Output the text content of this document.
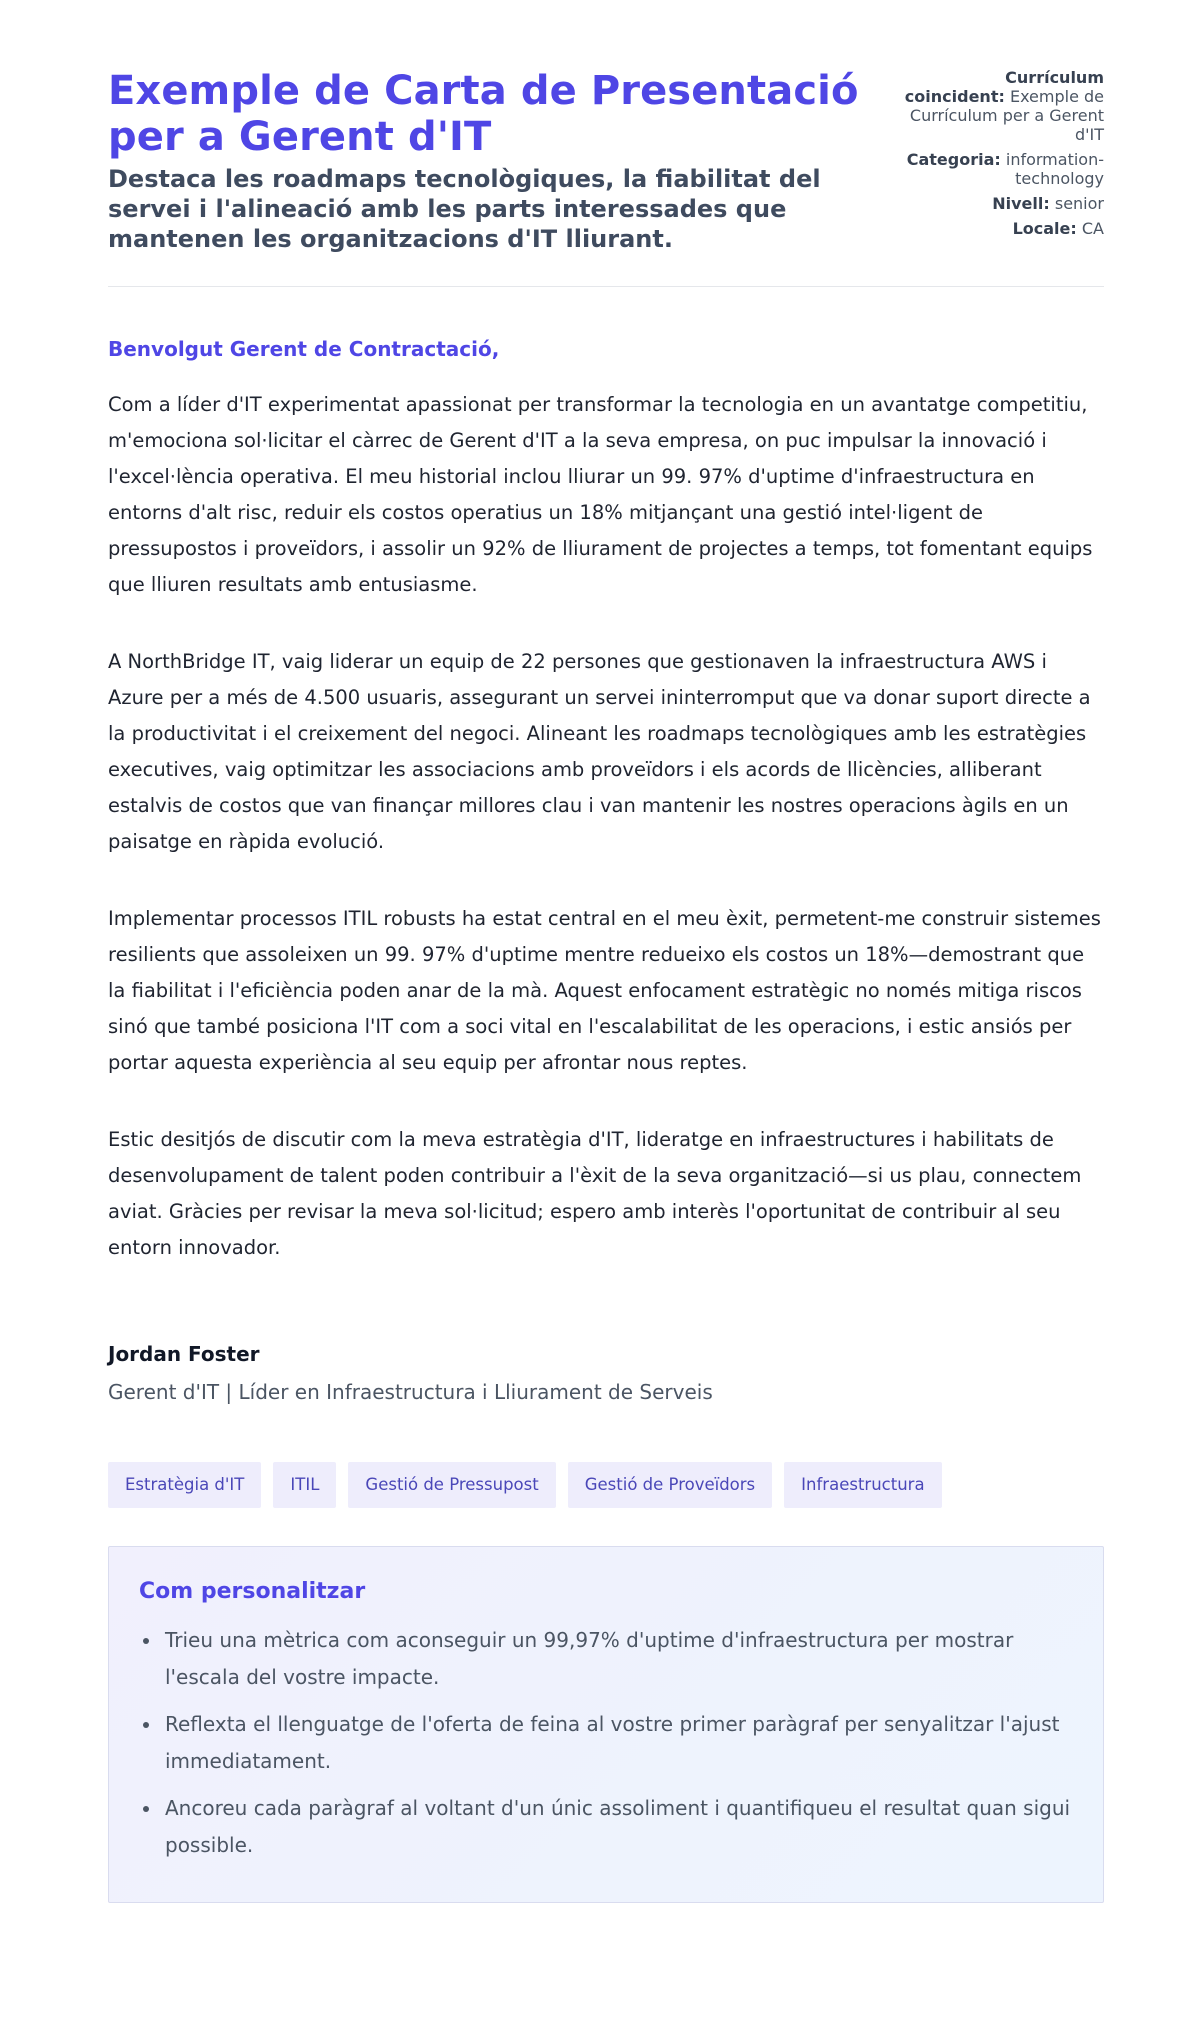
Exemple de Carta de Presentació per a Gerent d'IT
Destaca les roadmaps tecnològiques, la fiabilitat del servei i l'alineació amb les parts interessades que mantenen les organitzacions d'IT lliurant.
Currículum coincident: Exemple de Currículum per a Gerent d'IT
Categoria: information-technology
Nivell: senior
Locale: CA

Benvolgut Gerent de Contractació,

Com a líder d'IT experimentat apassionat per transformar la tecnologia en un avantatge competitiu, m'emociona sol·licitar el càrrec de Gerent d'IT a la seva empresa, on puc impulsar la innovació i l'excel·lència operativa. El meu historial inclou lliurar un 99. 97% d'uptime d'infraestructura en entorns d'alt risc, reduir els costos operatius un 18% mitjançant una gestió intel·ligent de pressupostos i proveïdors, i assolir un 92% de lliurament de projectes a temps, tot fomentant equips que lliuren resultats amb entusiasme.

A NorthBridge IT, vaig liderar un equip de 22 persones que gestionaven la infraestructura AWS i Azure per a més de 4.500 usuaris, assegurant un servei ininterromput que va donar suport directe a la productivitat i el creixement del negoci. Alineant les roadmaps tecnològiques amb les estratègies executives, vaig optimitzar les associacions amb proveïdors i els acords de llicències, alliberant estalvis de costos que van finançar millores clau i van mantenir les nostres operacions àgils en un paisatge en ràpida evolució.

Implementar processos ITIL robusts ha estat central en el meu èxit, permetent-me construir sistemes resilients que assoleixen un 99. 97% d'uptime mentre redueixo els costos un 18%—demostrant que la fiabilitat i l'eficiència poden anar de la mà. Aquest enfocament estratègic no només mitiga riscos sinó que també posiciona l'IT com a soci vital en l'escalabilitat de les operacions, i estic ansiós per portar aquesta experiència al seu equip per afrontar nous reptes.

Estic desitjós de discutir com la meva estratègia d'IT, lideratge en infraestructures i habilitats de desenvolupament de talent poden contribuir a l'èxit de la seva organització—si us plau, connectem aviat. Gràcies per revisar la meva sol·licitud; espero amb interès l'oportunitat de contribuir al seu entorn innovador.

Jordan Foster
Gerent d'IT | Líder en Infraestructura i Lliurament de Serveis
Estratègia d'IT	ITIL	Gestió de Pressupost	Gestió de Proveïdors	Infraestructura
Com personalitzar
Trieu una mètrica com aconseguir un 99,97% d'uptime d'infraestructura per mostrar l'escala del vostre impacte.
Reflexta el llenguatge de l'oferta de feina al vostre primer paràgraf per senyalitzar l'ajust immediatament.
Ancoreu cada paràgraf al voltant d'un únic assoliment i quantifiqueu el resultat quan sigui possible.
